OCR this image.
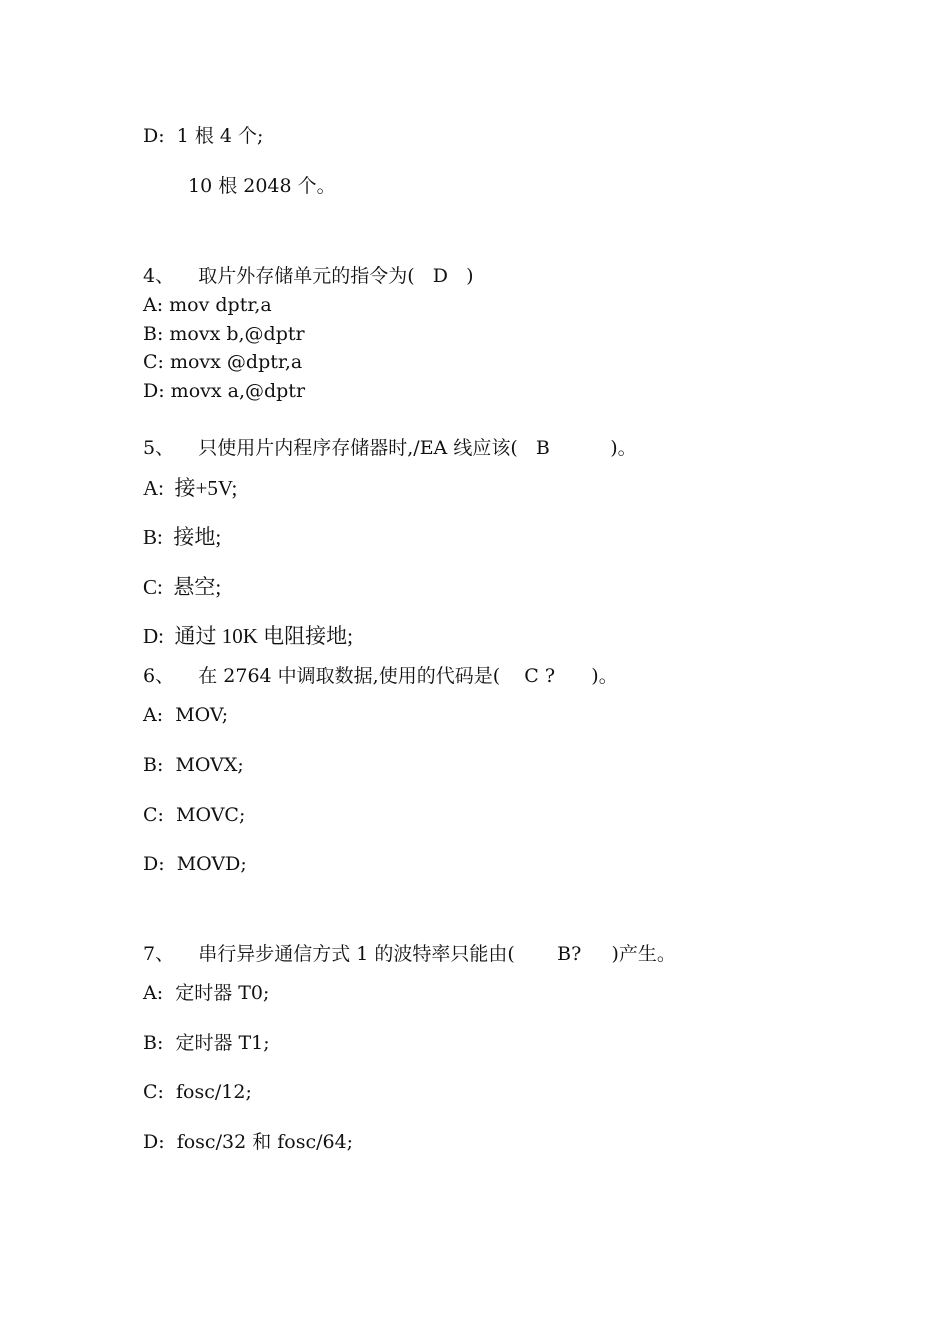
D:  1 根 4 个;
10 根 2048 个。
4、    取片外存储单元的指令为(   D   )
A: mov dptr,a
B: movx b,@dptr
C: movx @dptr,a
D: movx a,@dptr
5、    只使用片内程序存储器时,/EA 线应该(   B          )。
A:  接+5V;
B:  接地;
C:  悬空;
D:  通过 10K 电阻接地;
6、    在 2764 中调取数据,使用的代码是(    C ?      )。
A:  MOV;
B:  MOVX;
C:  MOVC;
D:  MOVD;
7、    串行异步通信方式 1 的波特率只能由(       B?     )产生。
A:  定时器 T0;
B:  定时器 T1;
C:  fosc/12;
D:  fosc/32 和 fosc/64;
